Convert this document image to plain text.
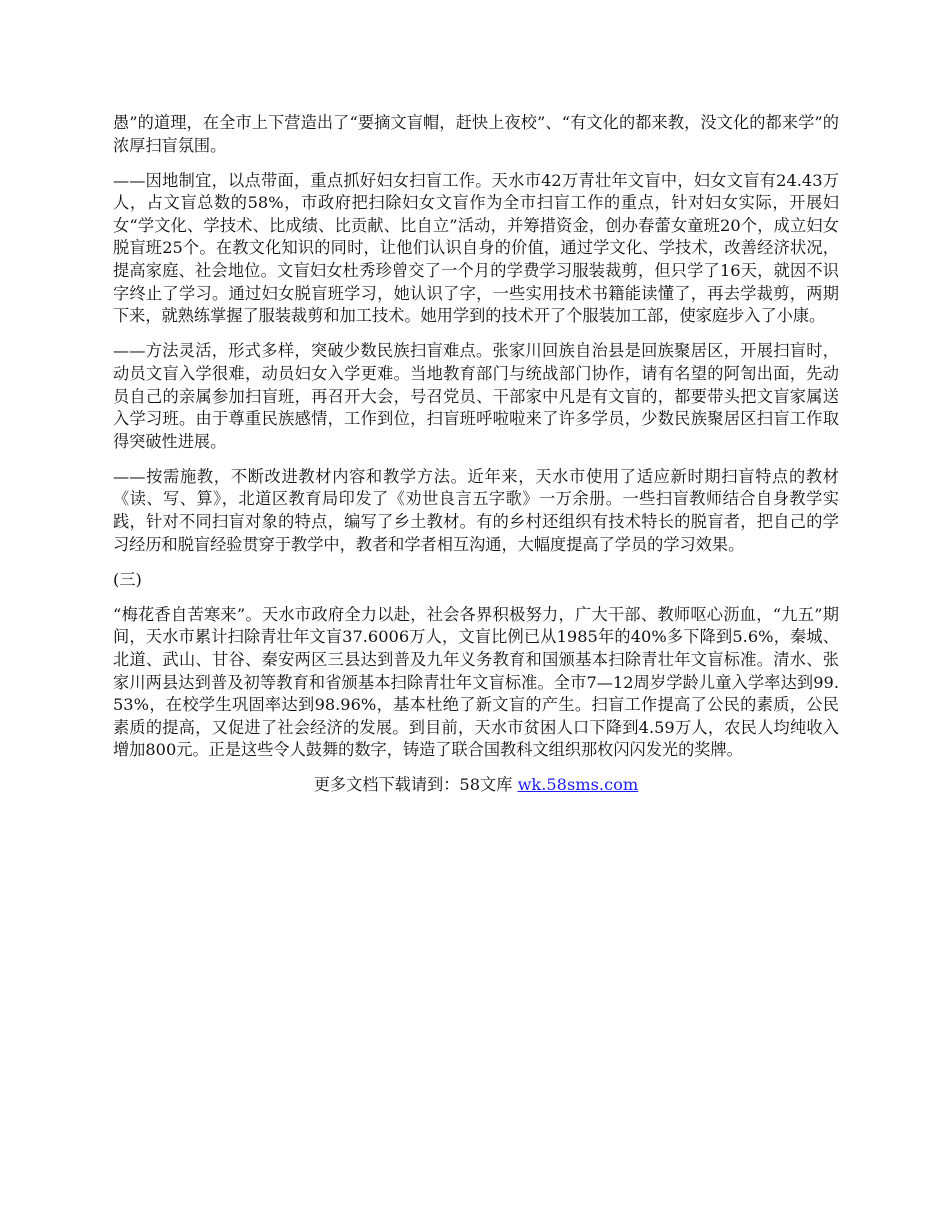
愚”的道理，在全市上下营造出了“要摘文盲帽，赶快上夜校”、“有文化的都来教，没文化的都来学”的浓厚扫盲氛围。

——因地制宜，以点带面，重点抓好妇女扫盲工作。天水市42万青壮年文盲中，妇女文盲有24.43万人，占文盲总数的58%，市政府把扫除妇女文盲作为全市扫盲工作的重点，针对妇女实际，开展妇女“学文化、学技术、比成绩、比贡献、比自立”活动，并筹措资金，创办春蕾女童班20个，成立妇女脱盲班25个。在教文化知识的同时，让他们认识自身的价值，通过学文化、学技术，改善经济状况，提高家庭、社会地位。文盲妇女杜秀珍曾交了一个月的学费学习服装裁剪，但只学了16天，就因不识字终止了学习。通过妇女脱盲班学习，她认识了字，一些实用技术书籍能读懂了，再去学裁剪，两期下来，就熟练掌握了服装裁剪和加工技术。她用学到的技术开了个服装加工部，使家庭步入了小康。

——方法灵活，形式多样，突破少数民族扫盲难点。张家川回族自治县是回族聚居区，开展扫盲时，动员文盲入学很难，动员妇女入学更难。当地教育部门与统战部门协作，请有名望的阿訇出面，先动员自己的亲属参加扫盲班，再召开大会，号召党员、干部家中凡是有文盲的，都要带头把文盲家属送入学习班。由于尊重民族感情，工作到位，扫盲班呼啦啦来了许多学员，少数民族聚居区扫盲工作取得突破性进展。

——按需施教，不断改进教材内容和教学方法。近年来，天水市使用了适应新时期扫盲特点的教材《读、写、算》，北道区教育局印发了《劝世良言五字歌》一万余册。一些扫盲教师结合自身教学实践，针对不同扫盲对象的特点，编写了乡土教材。有的乡村还组织有技术特长的脱盲者，把自己的学习经历和脱盲经验贯穿于教学中，教者和学者相互沟通，大幅度提高了学员的学习效果。

(三)

“梅花香自苦寒来”。天水市政府全力以赴，社会各界积极努力，广大干部、教师呕心沥血，“九五”期间，天水市累计扫除青壮年文盲37.6006万人，文盲比例已从1985年的40%多下降到5.6%，秦城、北道、武山、甘谷、秦安两区三县达到普及九年义务教育和国颁基本扫除青壮年文盲标准。清水、张家川两县达到普及初等教育和省颁基本扫除青壮年文盲标准。全市7—12周岁学龄儿童入学率达到99.53%，在校学生巩固率达到98.96%，基本杜绝了新文盲的产生。扫盲工作提高了公民的素质，公民素质的提高，又促进了社会经济的发展。到目前，天水市贫困人口下降到4.59万人，农民人均纯收入增加800元。正是这些令人鼓舞的数字，铸造了联合国教科文组织那枚闪闪发光的奖牌。

更多文档下载请到：58文库 wk.58sms.com
